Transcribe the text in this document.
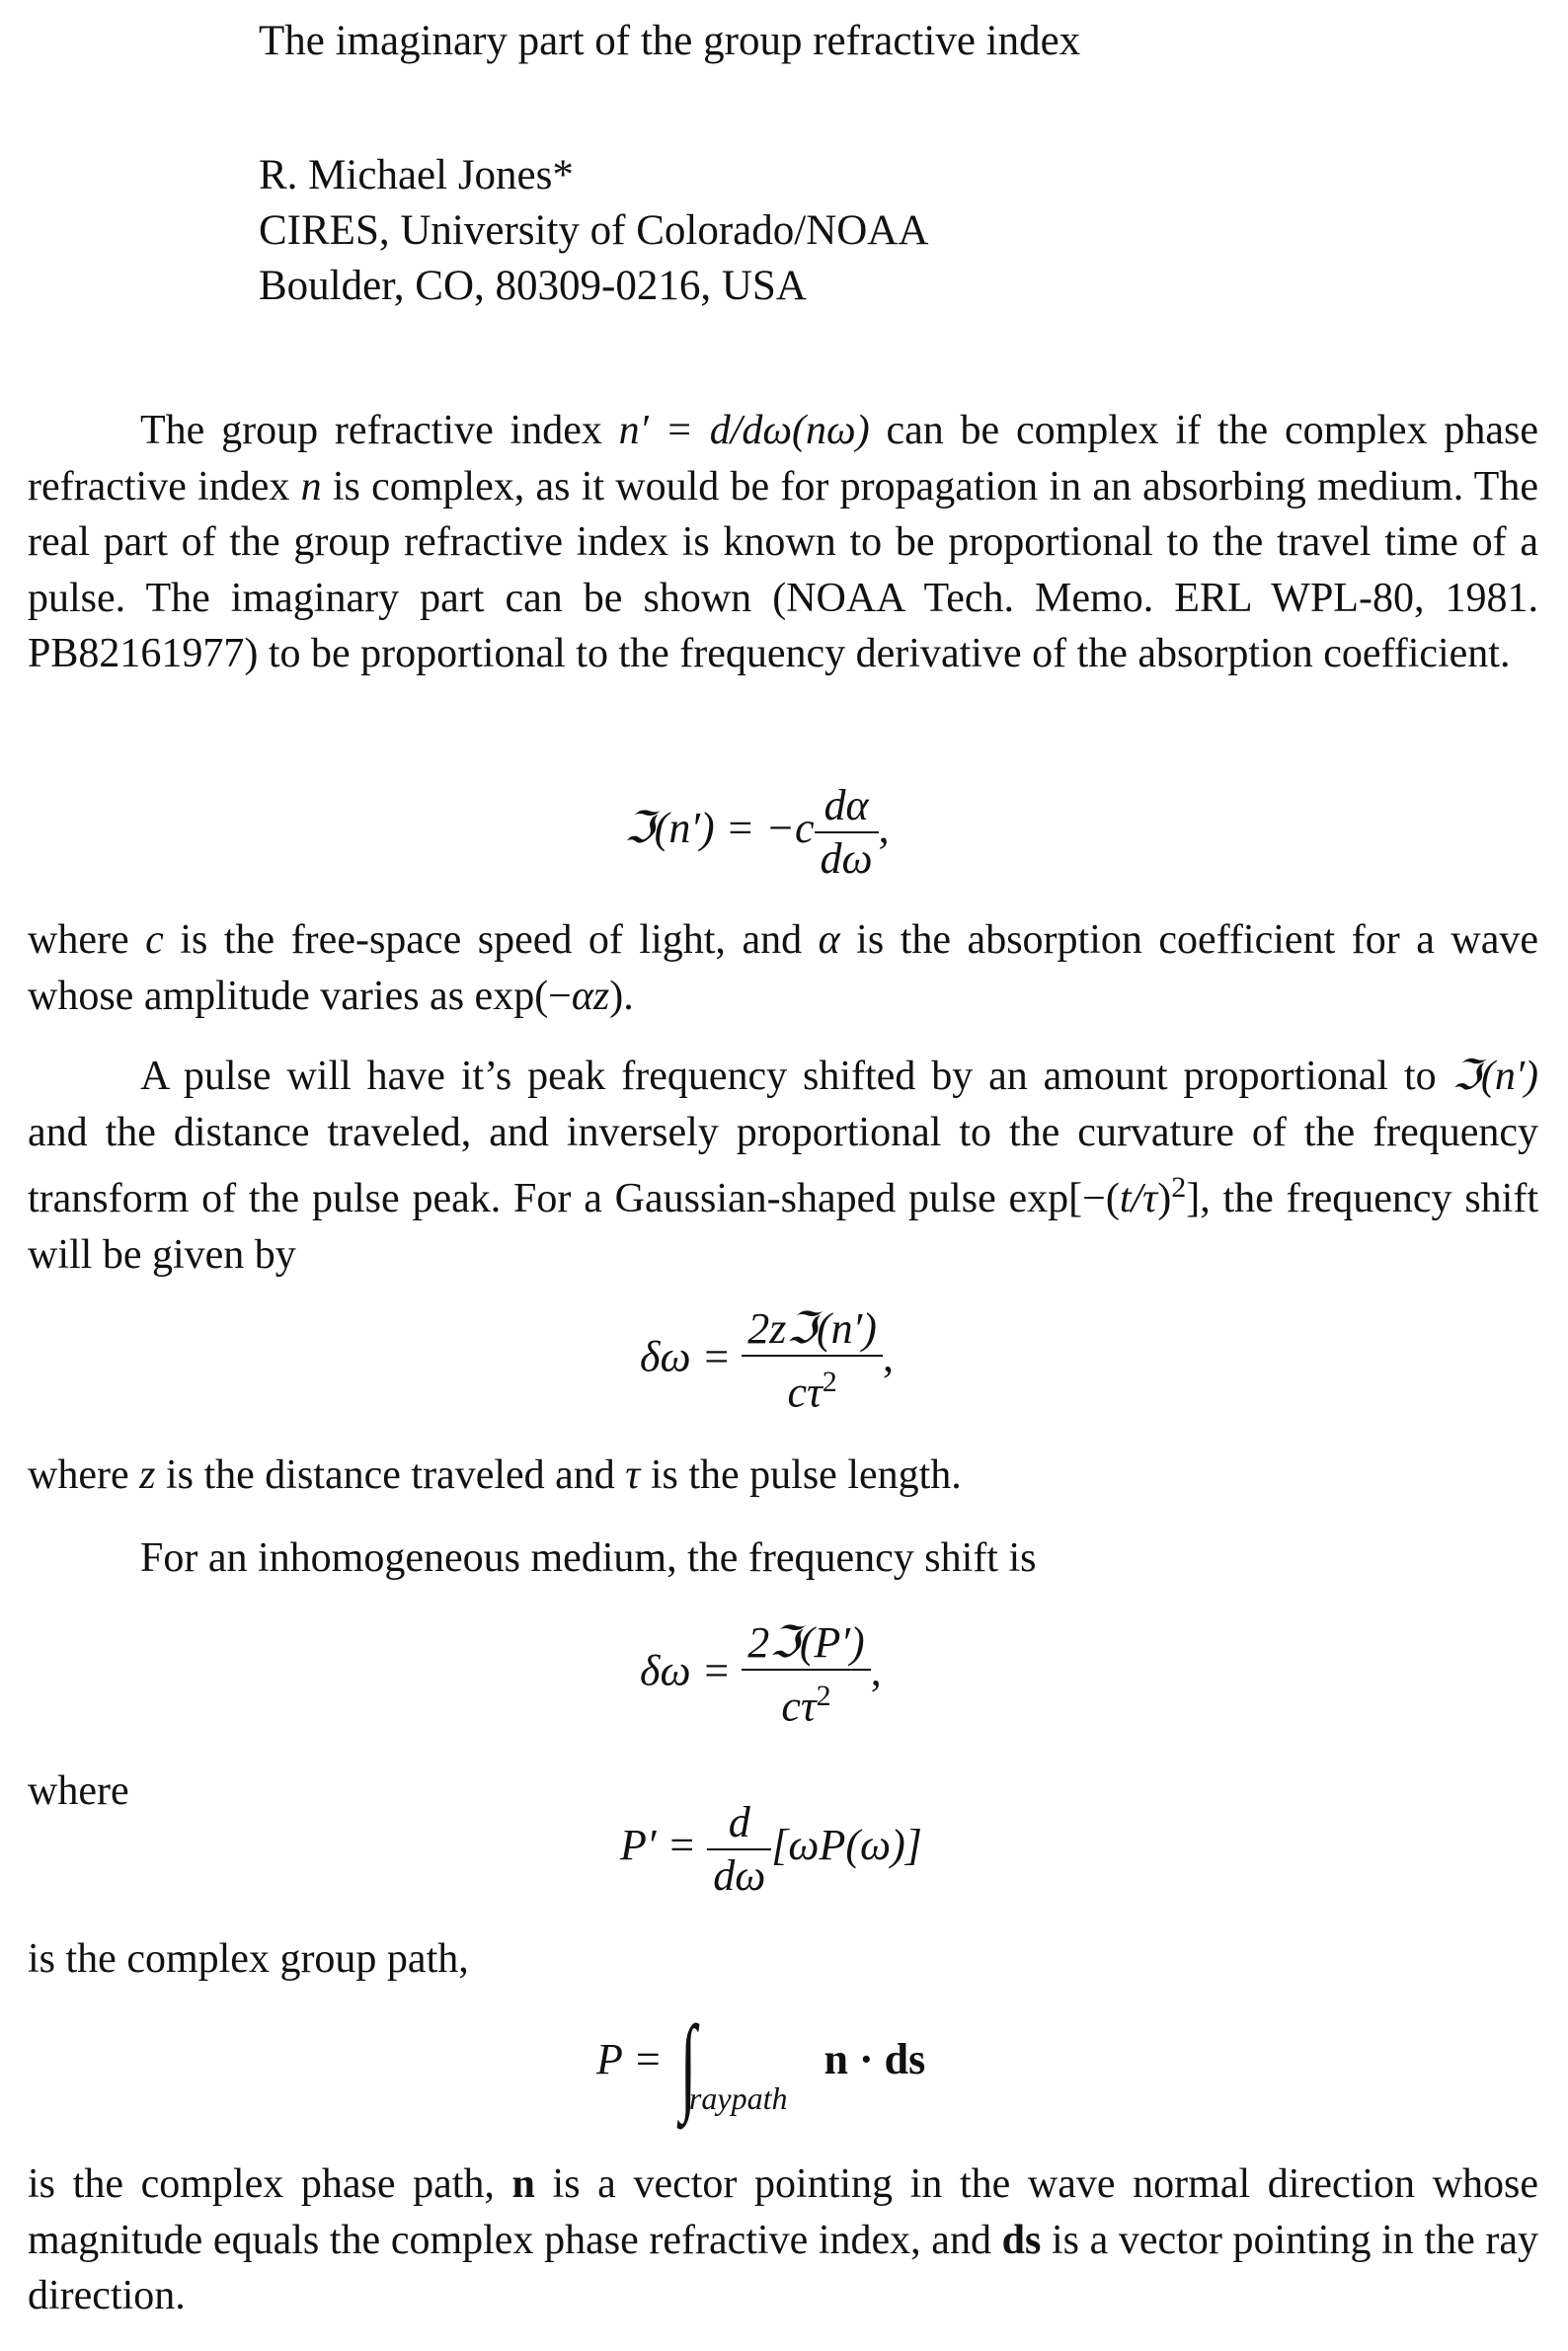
The imaginary part of the group refractive index
R. Michael Jones*
CIRES, University of Colorado/NOAA
Boulder, CO, 80309-0216, USA
The group refractive index n′ = d/dω(nω) can be complex if the complex phase refractive index n is complex, as it would be for propagation in an absorbing medium. The real part of the group refractive index is known to be proportional to the travel time of a pulse. The imaginary part can be shown (NOAA Tech. Memo. ERL WPL-80, 1981. PB82161977) to be proportional to the frequency derivative of the absorption coefficient.
ℑ(n′) = $-c \frac{d\alpha}{d\omega}$ ,
where c is the free-space speed of light, and α is the absorption coefficient for a wave whose amplitude varies as exp(−αz).
A pulse will have it’s peak frequency shifted by an amount proportional to ℑ(n′) and the distance traveled, and inversely proportional to the curvature of the frequency transform of the pulse peak. For a Gaussian-shaped pulse $\exp[-(t/\tau)^2]$, the frequency shift will be given by
$\delta\omega = \frac{\text{2zℑ(n′)}}{c\tau^2}$ ,
where z is the distance traveled and τ is the pulse length.
For an inhomogeneous medium, the frequency shift is
$\delta\omega = \frac{\text{2ℑ(P′)}}{c\tau^2}$ ,
where
$P' = \frac{d}{d\omega} [\omega P(\omega)]$
is the complex group path,
$P = \int_{raypath}$ n · ds
is the complex phase path, n is a vector pointing in the wave normal direction whose magnitude equals the complex phase refractive index, and ds is a vector pointing in the ray direction.
